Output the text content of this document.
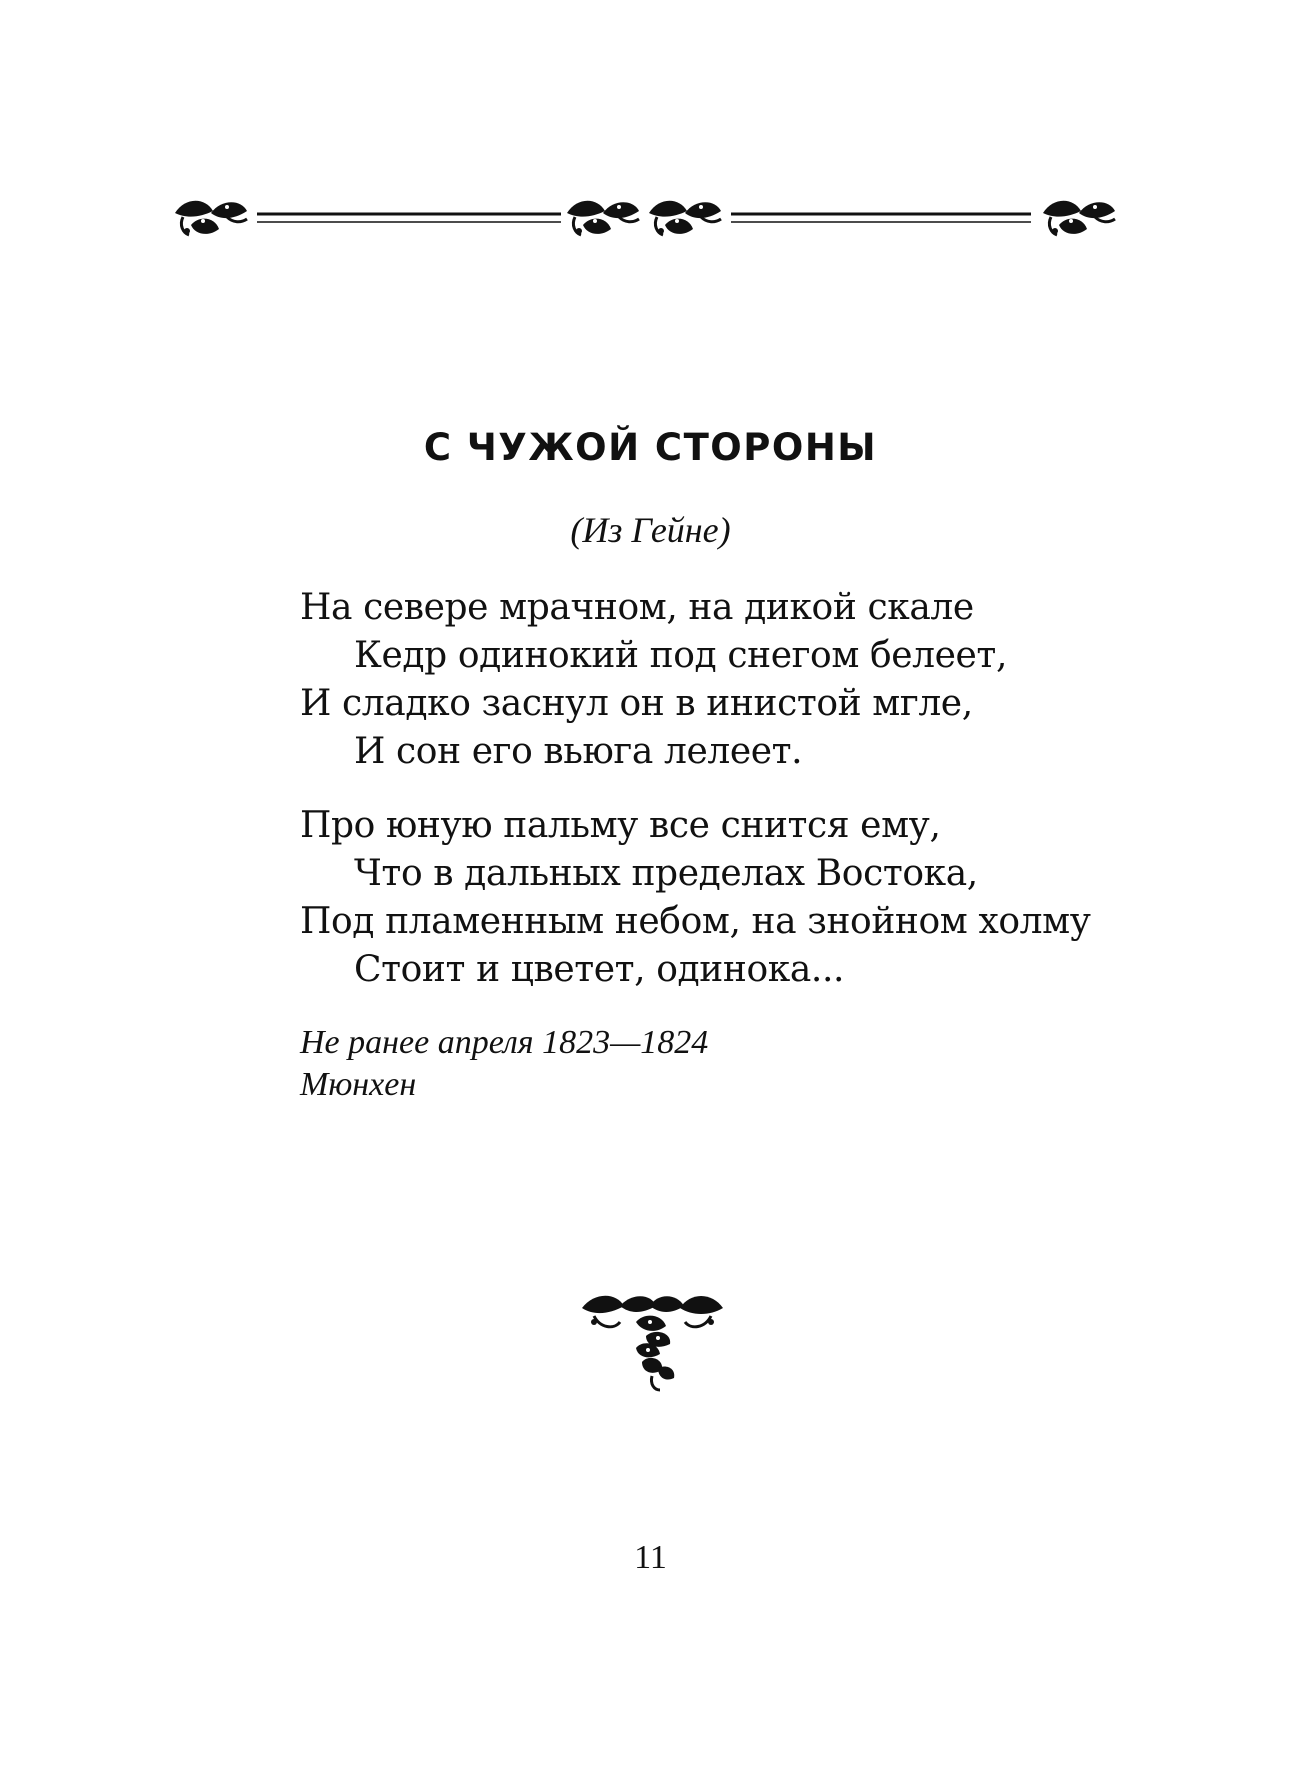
С ЧУЖОЙ СТОРОНЫ
(Из Гейне)
На севере мрачном, на дикой скале
Кедр одинокий под снегом белеет,
И сладко заснул он в инистой мгле,
И сон его вьюга лелеет.
Про юную пальму все снится ему,
Что в дальных пределах Востока,
Под пламенным небом, на знойном холму
Стоит и цветет, одинока...
Не ранее апреля 1823—1824
Мюнхен
11
